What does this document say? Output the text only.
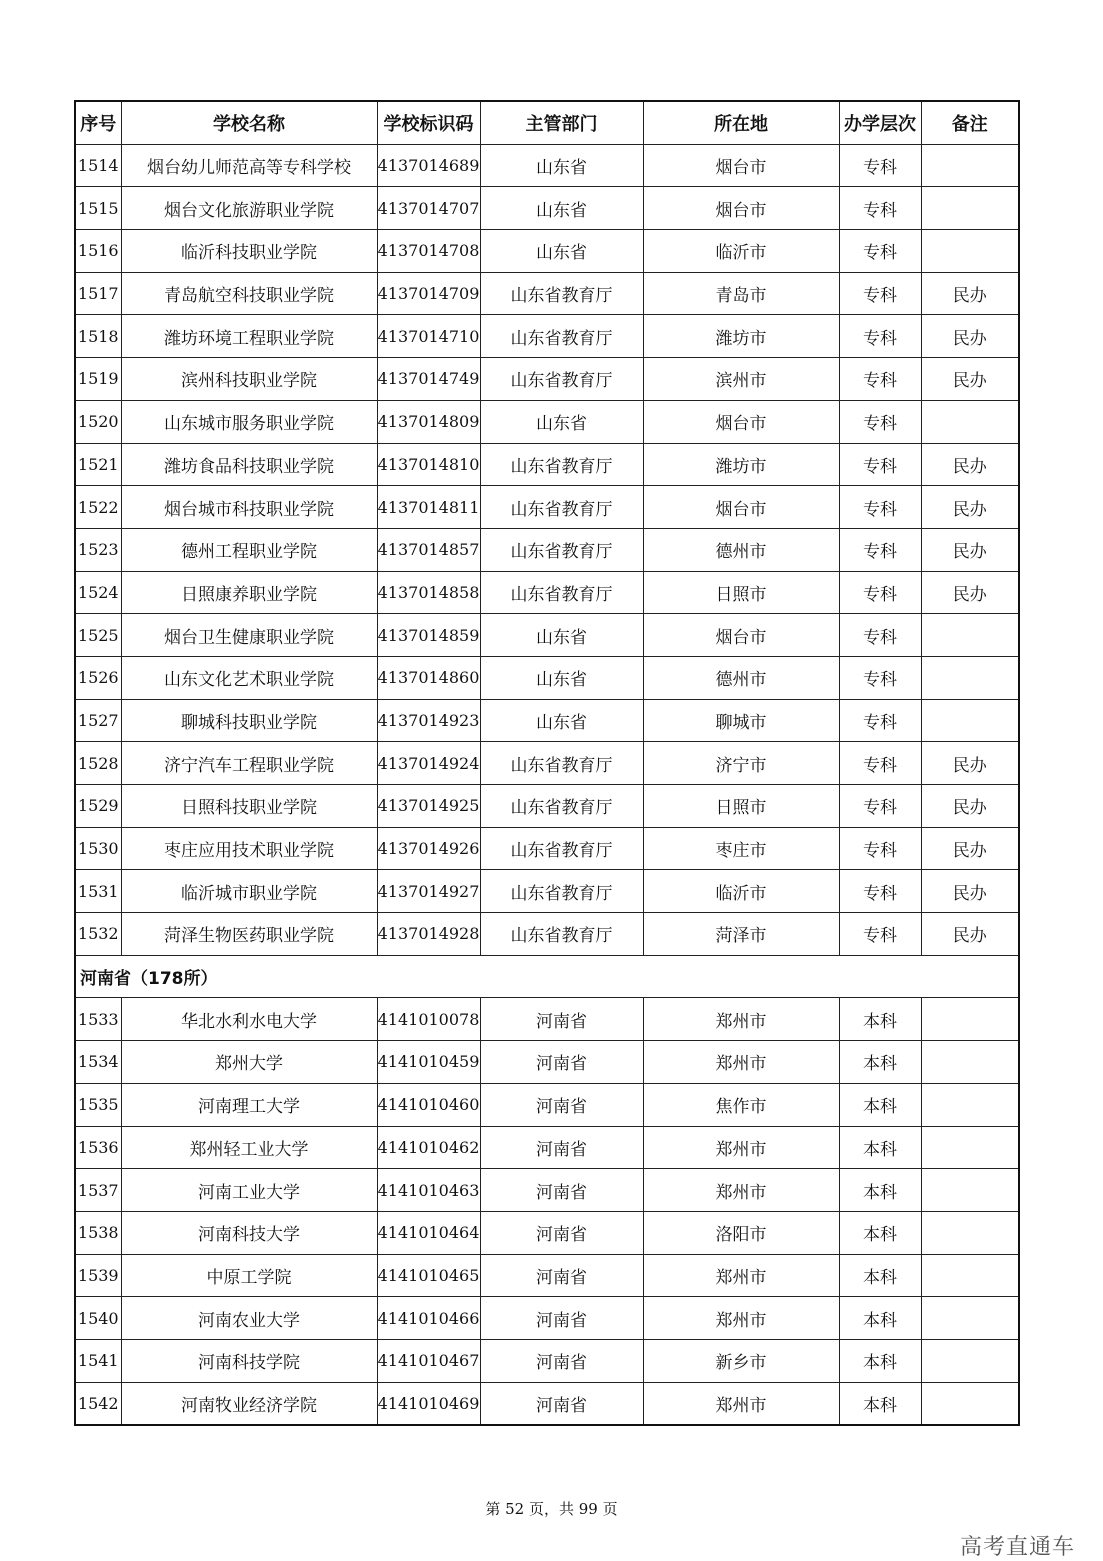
序号	学校名称	学校标识码	主管部门	所在地	办学层次	备注
1514	烟台幼儿师范高等专科学校	4137014689	山东省	烟台市	专科	
1515	烟台文化旅游职业学院	4137014707	山东省	烟台市	专科	
1516	临沂科技职业学院	4137014708	山东省	临沂市	专科	
1517	青岛航空科技职业学院	4137014709	山东省教育厅	青岛市	专科	民办
1518	潍坊环境工程职业学院	4137014710	山东省教育厅	潍坊市	专科	民办
1519	滨州科技职业学院	4137014749	山东省教育厅	滨州市	专科	民办
1520	山东城市服务职业学院	4137014809	山东省	烟台市	专科	
1521	潍坊食品科技职业学院	4137014810	山东省教育厅	潍坊市	专科	民办
1522	烟台城市科技职业学院	4137014811	山东省教育厅	烟台市	专科	民办
1523	德州工程职业学院	4137014857	山东省教育厅	德州市	专科	民办
1524	日照康养职业学院	4137014858	山东省教育厅	日照市	专科	民办
1525	烟台卫生健康职业学院	4137014859	山东省	烟台市	专科	
1526	山东文化艺术职业学院	4137014860	山东省	德州市	专科	
1527	聊城科技职业学院	4137014923	山东省	聊城市	专科	
1528	济宁汽车工程职业学院	4137014924	山东省教育厅	济宁市	专科	民办
1529	日照科技职业学院	4137014925	山东省教育厅	日照市	专科	民办
1530	枣庄应用技术职业学院	4137014926	山东省教育厅	枣庄市	专科	民办
1531	临沂城市职业学院	4137014927	山东省教育厅	临沂市	专科	民办
1532	菏泽生物医药职业学院	4137014928	山东省教育厅	菏泽市	专科	民办
河南省（178所）						
1533	华北水利水电大学	4141010078	河南省	郑州市	本科	
1534	郑州大学	4141010459	河南省	郑州市	本科	
1535	河南理工大学	4141010460	河南省	焦作市	本科	
1536	郑州轻工业大学	4141010462	河南省	郑州市	本科	
1537	河南工业大学	4141010463	河南省	郑州市	本科	
1538	河南科技大学	4141010464	河南省	洛阳市	本科	
1539	中原工学院	4141010465	河南省	郑州市	本科	
1540	河南农业大学	4141010466	河南省	郑州市	本科	
1541	河南科技学院	4141010467	河南省	新乡市	本科	
1542	河南牧业经济学院	4141010469	河南省	郑州市	本科	
第 52 页，共 99 页
高考直通车
